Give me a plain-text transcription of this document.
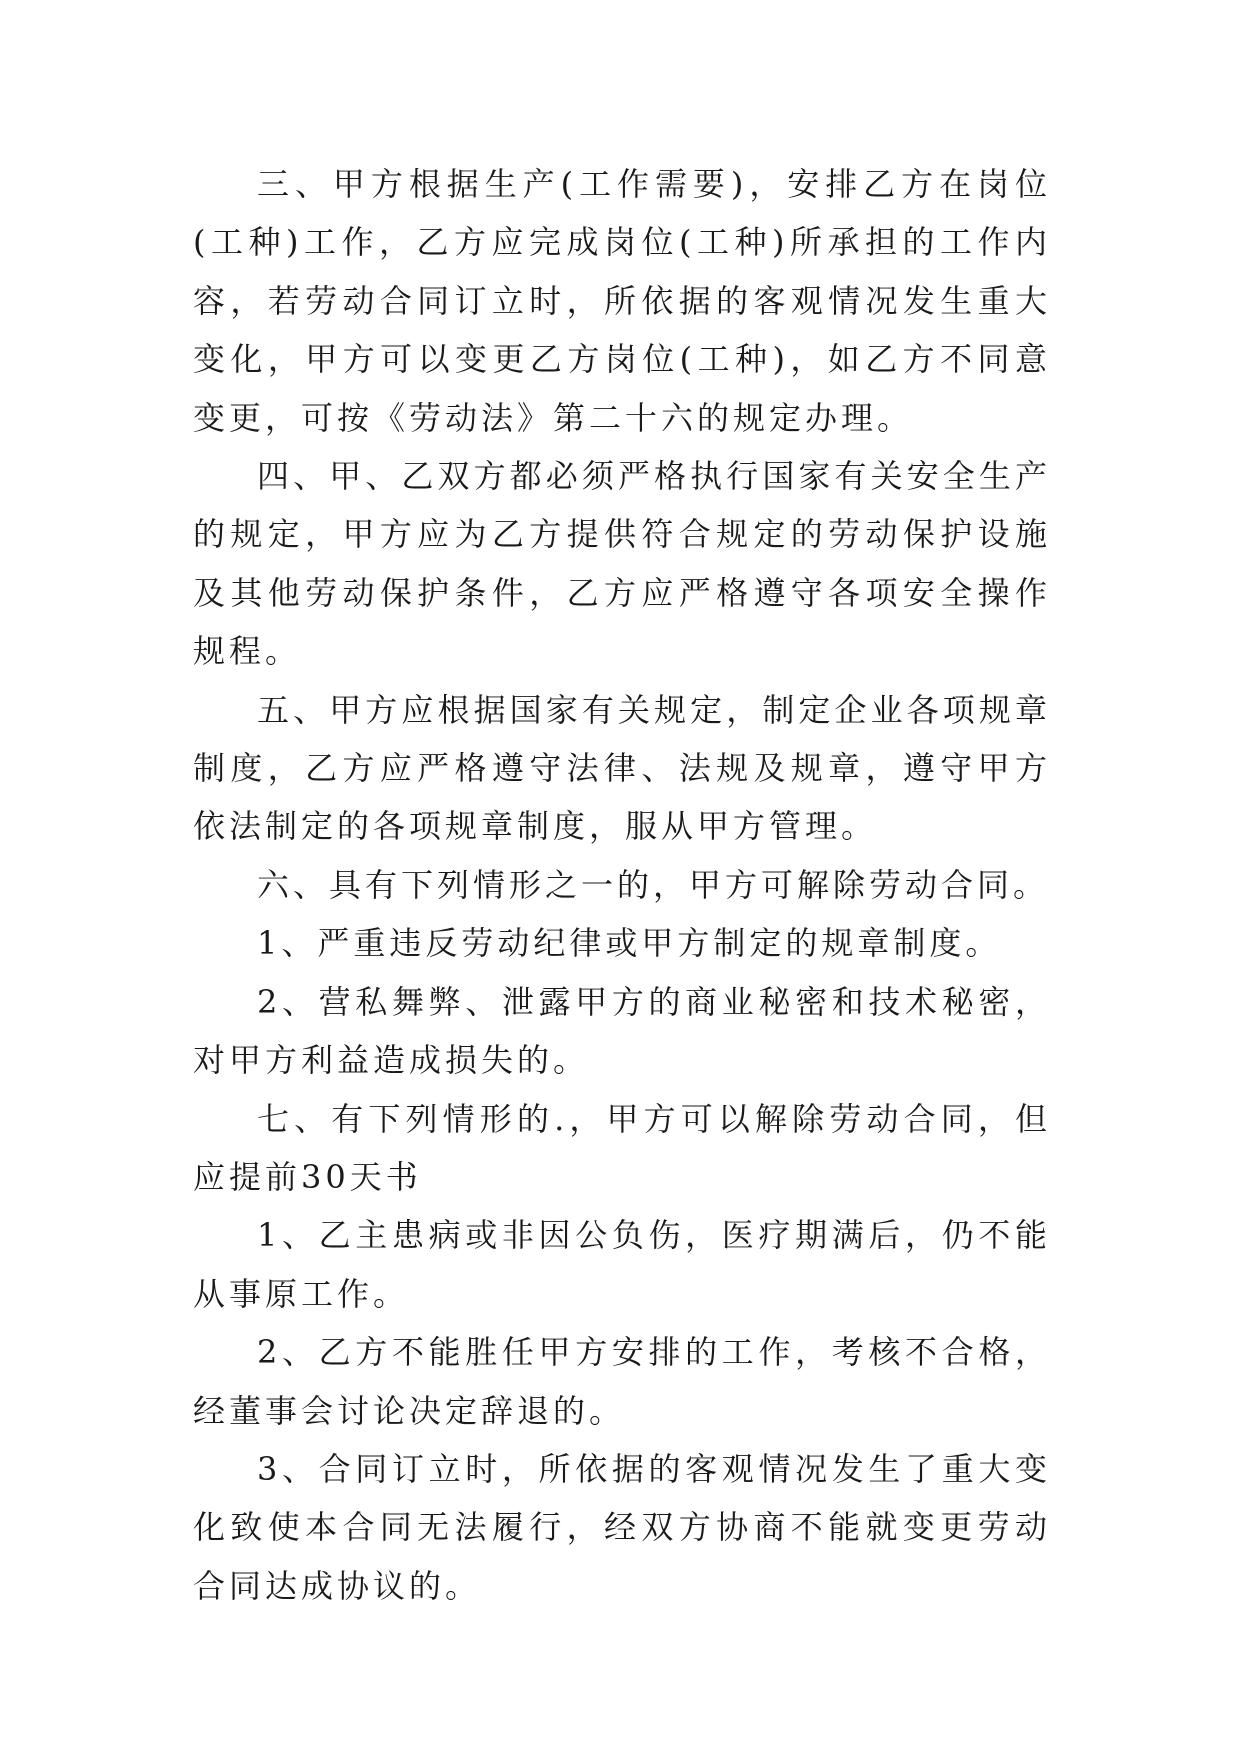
三、甲方根据生产(工作需要)，安排乙方在岗位(工种)工作，乙方应完成岗位(工种)所承担的工作内容，若劳动合同订立时，所依据的客观情况发生重大变化，甲方可以变更乙方岗位(工种)，如乙方不同意变更，可按《劳动法》第二十六的规定办理。

四、甲、乙双方都必须严格执行国家有关安全生产的规定，甲方应为乙方提供符合规定的劳动保护设施及其他劳动保护条件，乙方应严格遵守各项安全操作规程。

五、甲方应根据国家有关规定，制定企业各项规章制度，乙方应严格遵守法律、法规及规章，遵守甲方依法制定的各项规章制度，服从甲方管理。

六、具有下列情形之一的，甲方可解除劳动合同。

1、严重违反劳动纪律或甲方制定的规章制度。

2、营私舞弊、泄露甲方的商业秘密和技术秘密，对甲方利益造成损失的。

七、有下列情形的.，甲方可以解除劳动合同，但应提前30天书

1、乙主患病或非因公负伤，医疗期满后，仍不能从事原工作。

2、乙方不能胜任甲方安排的工作，考核不合格，经董事会讨论决定辞退的。

3、合同订立时，所依据的客观情况发生了重大变化致使本合同无法履行，经双方协商不能就变更劳动合同达成协议的。
